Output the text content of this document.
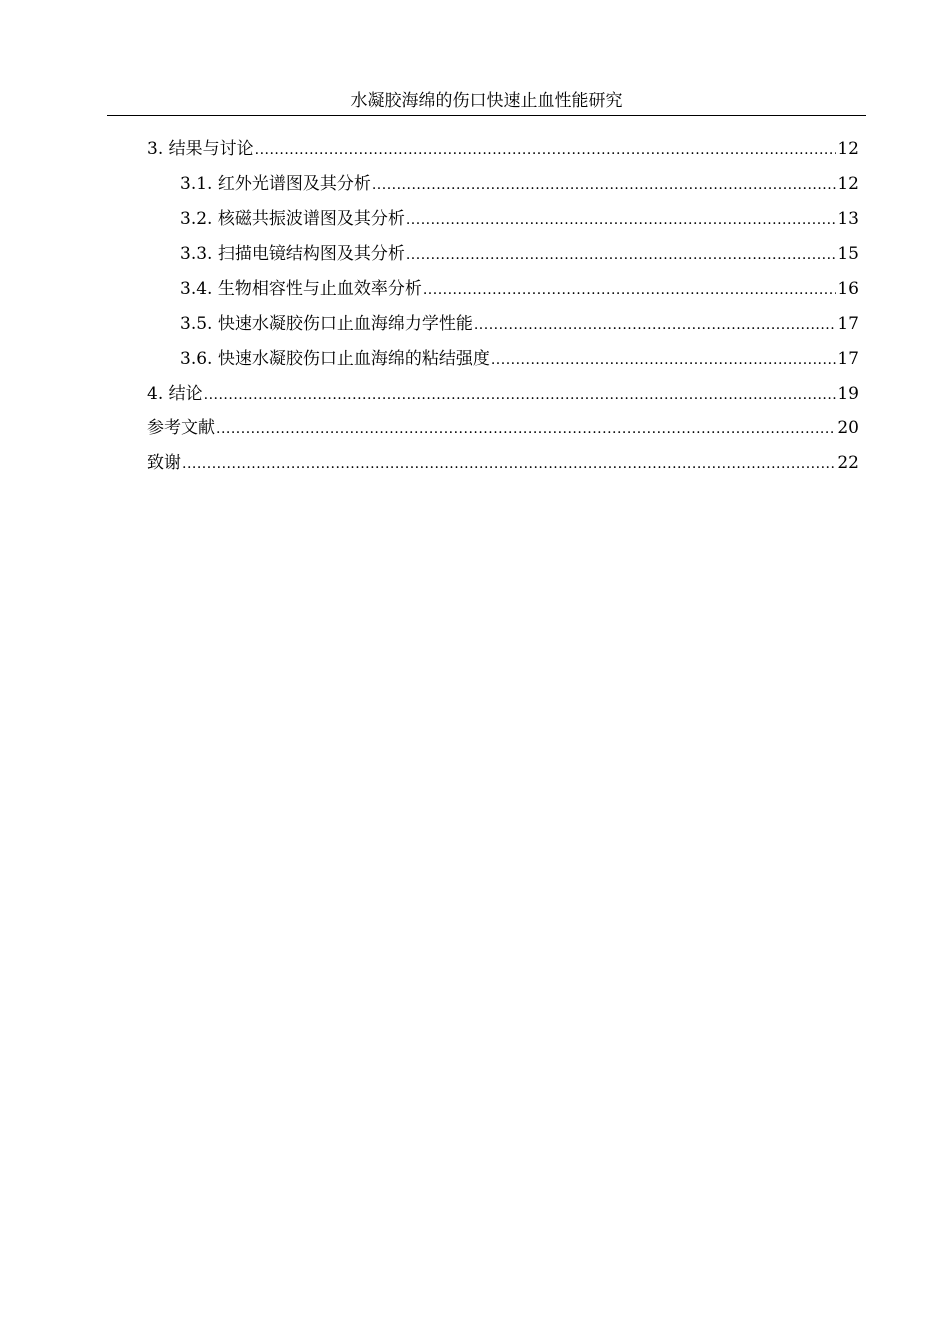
水凝胶海绵的伤口快速止血性能研究
3. 结果与讨论 .....	12
3.1. 红外光谱图及其分析 .....	12
3.2. 核磁共振波谱图及其分析 .....	13
3.3. 扫描电镜结构图及其分析 .....	15
3.4. 生物相容性与止血效率分析 .....	16
3.5. 快速水凝胶伤口止血海绵力学性能 .....	17
3.6. 快速水凝胶伤口止血海绵的粘结强度 .....	17
4. 结论 .....	19
参考文献 .....	20
致谢 .....	22
